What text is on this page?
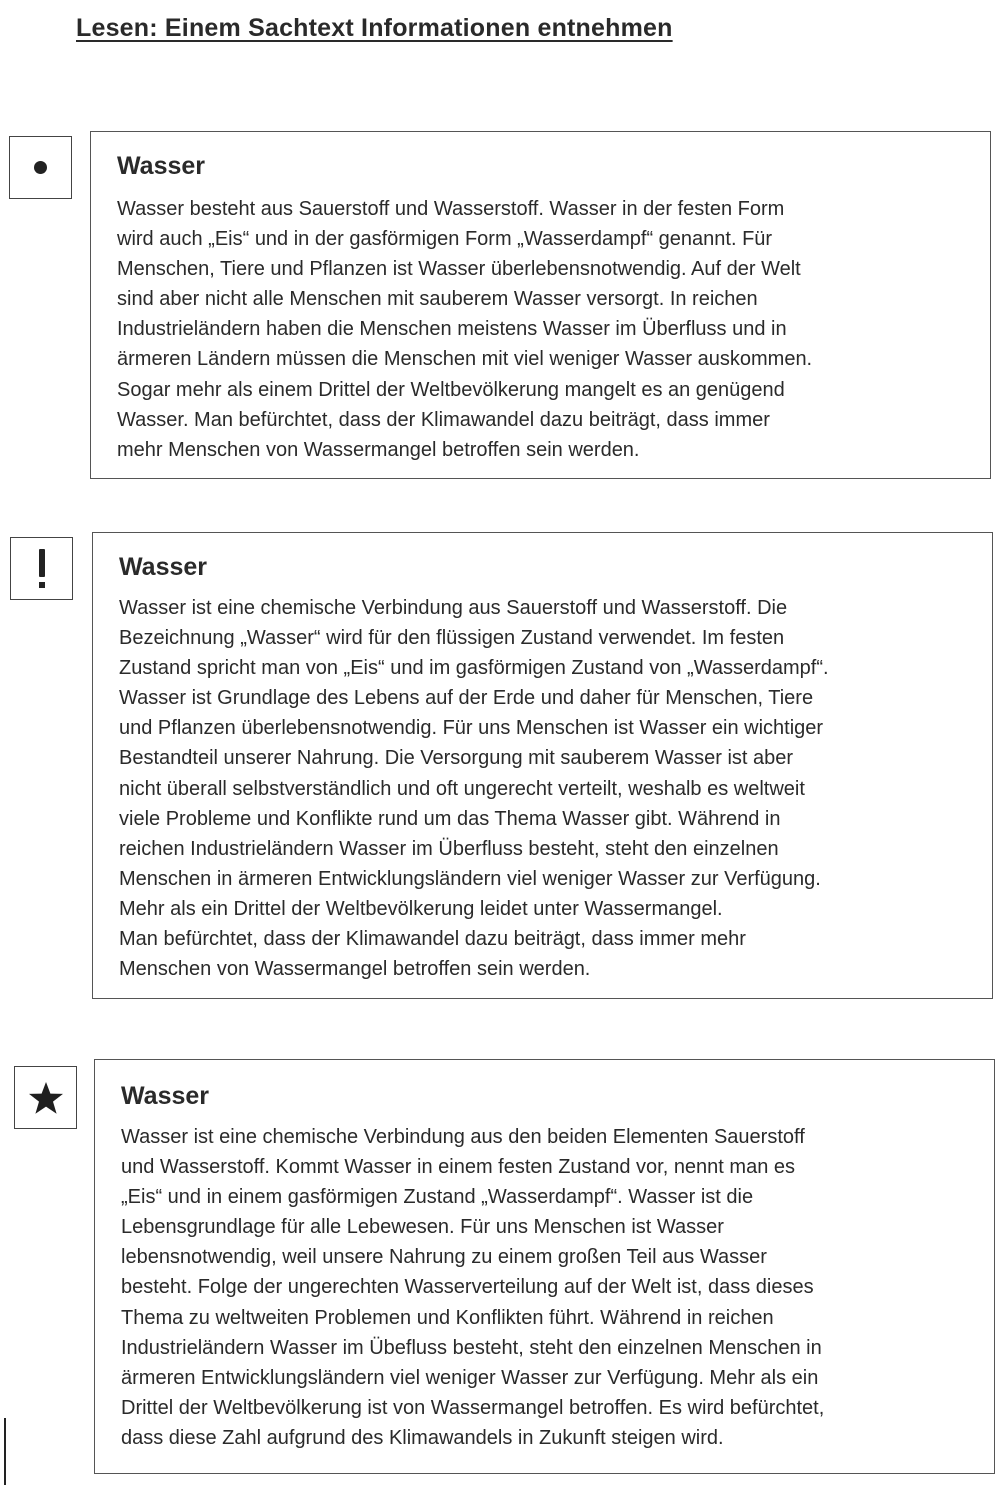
Lesen: Einem Sachtext Informationen entnehmen
Wasser

Wasser besteht aus Sauerstoff und Wasserstoff. Wasser in der festen Form
wird auch „Eis“ und in der gasförmigen Form „Wasserdampf“ genannt. Für
Menschen, Tiere und Pflanzen ist Wasser überlebensnotwendig. Auf der Welt
sind aber nicht alle Menschen mit sauberem Wasser versorgt. In reichen
Industrieländern haben die Menschen meistens Wasser im Überfluss und in
ärmeren Ländern müssen die Menschen mit viel weniger Wasser auskommen.
Sogar mehr als einem Drittel der Weltbevölkerung mangelt es an genügend
Wasser. Man befürchtet, dass der Klimawandel dazu beiträgt, dass immer
mehr Menschen von Wassermangel betroffen sein werden.

Wasser

Wasser ist eine chemische Verbindung aus Sauerstoff und Wasserstoff. Die
Bezeichnung „Wasser“ wird für den flüssigen Zustand verwendet. Im festen
Zustand spricht man von „Eis“ und im gasförmigen Zustand von „Wasserdampf“.
Wasser ist Grundlage des Lebens auf der Erde und daher für Menschen, Tiere
und Pflanzen überlebensnotwendig. Für uns Menschen ist Wasser ein wichtiger
Bestandteil unserer Nahrung. Die Versorgung mit sauberem Wasser ist aber
nicht überall selbstverständlich und oft ungerecht verteilt, weshalb es weltweit
viele Probleme und Konflikte rund um das Thema Wasser gibt. Während in
reichen Industrieländern Wasser im Überfluss besteht, steht den einzelnen
Menschen in ärmeren Entwicklungsländern viel weniger Wasser zur Verfügung.
Mehr als ein Drittel der Weltbevölkerung leidet unter Wassermangel.
Man befürchtet, dass der Klimawandel dazu beiträgt, dass immer mehr
Menschen von Wassermangel betroffen sein werden.

Wasser

Wasser ist eine chemische Verbindung aus den beiden Elementen Sauerstoff
und Wasserstoff. Kommt Wasser in einem festen Zustand vor, nennt man es
„Eis“ und in einem gasförmigen Zustand „Wasserdampf“. Wasser ist die
Lebensgrundlage für alle Lebewesen. Für uns Menschen ist Wasser
lebensnotwendig, weil unsere Nahrung zu einem großen Teil aus Wasser
besteht. Folge der ungerechten Wasserverteilung auf der Welt ist, dass dieses
Thema zu weltweiten Problemen und Konflikten führt. Während in reichen
Industrieländern Wasser im Übefluss besteht, steht den einzelnen Menschen in
ärmeren Entwicklungsländern viel weniger Wasser zur Verfügung. Mehr als ein
Drittel der Weltbevölkerung ist von Wassermangel betroffen. Es wird befürchtet,
dass diese Zahl aufgrund des Klimawandels in Zukunft steigen wird.
